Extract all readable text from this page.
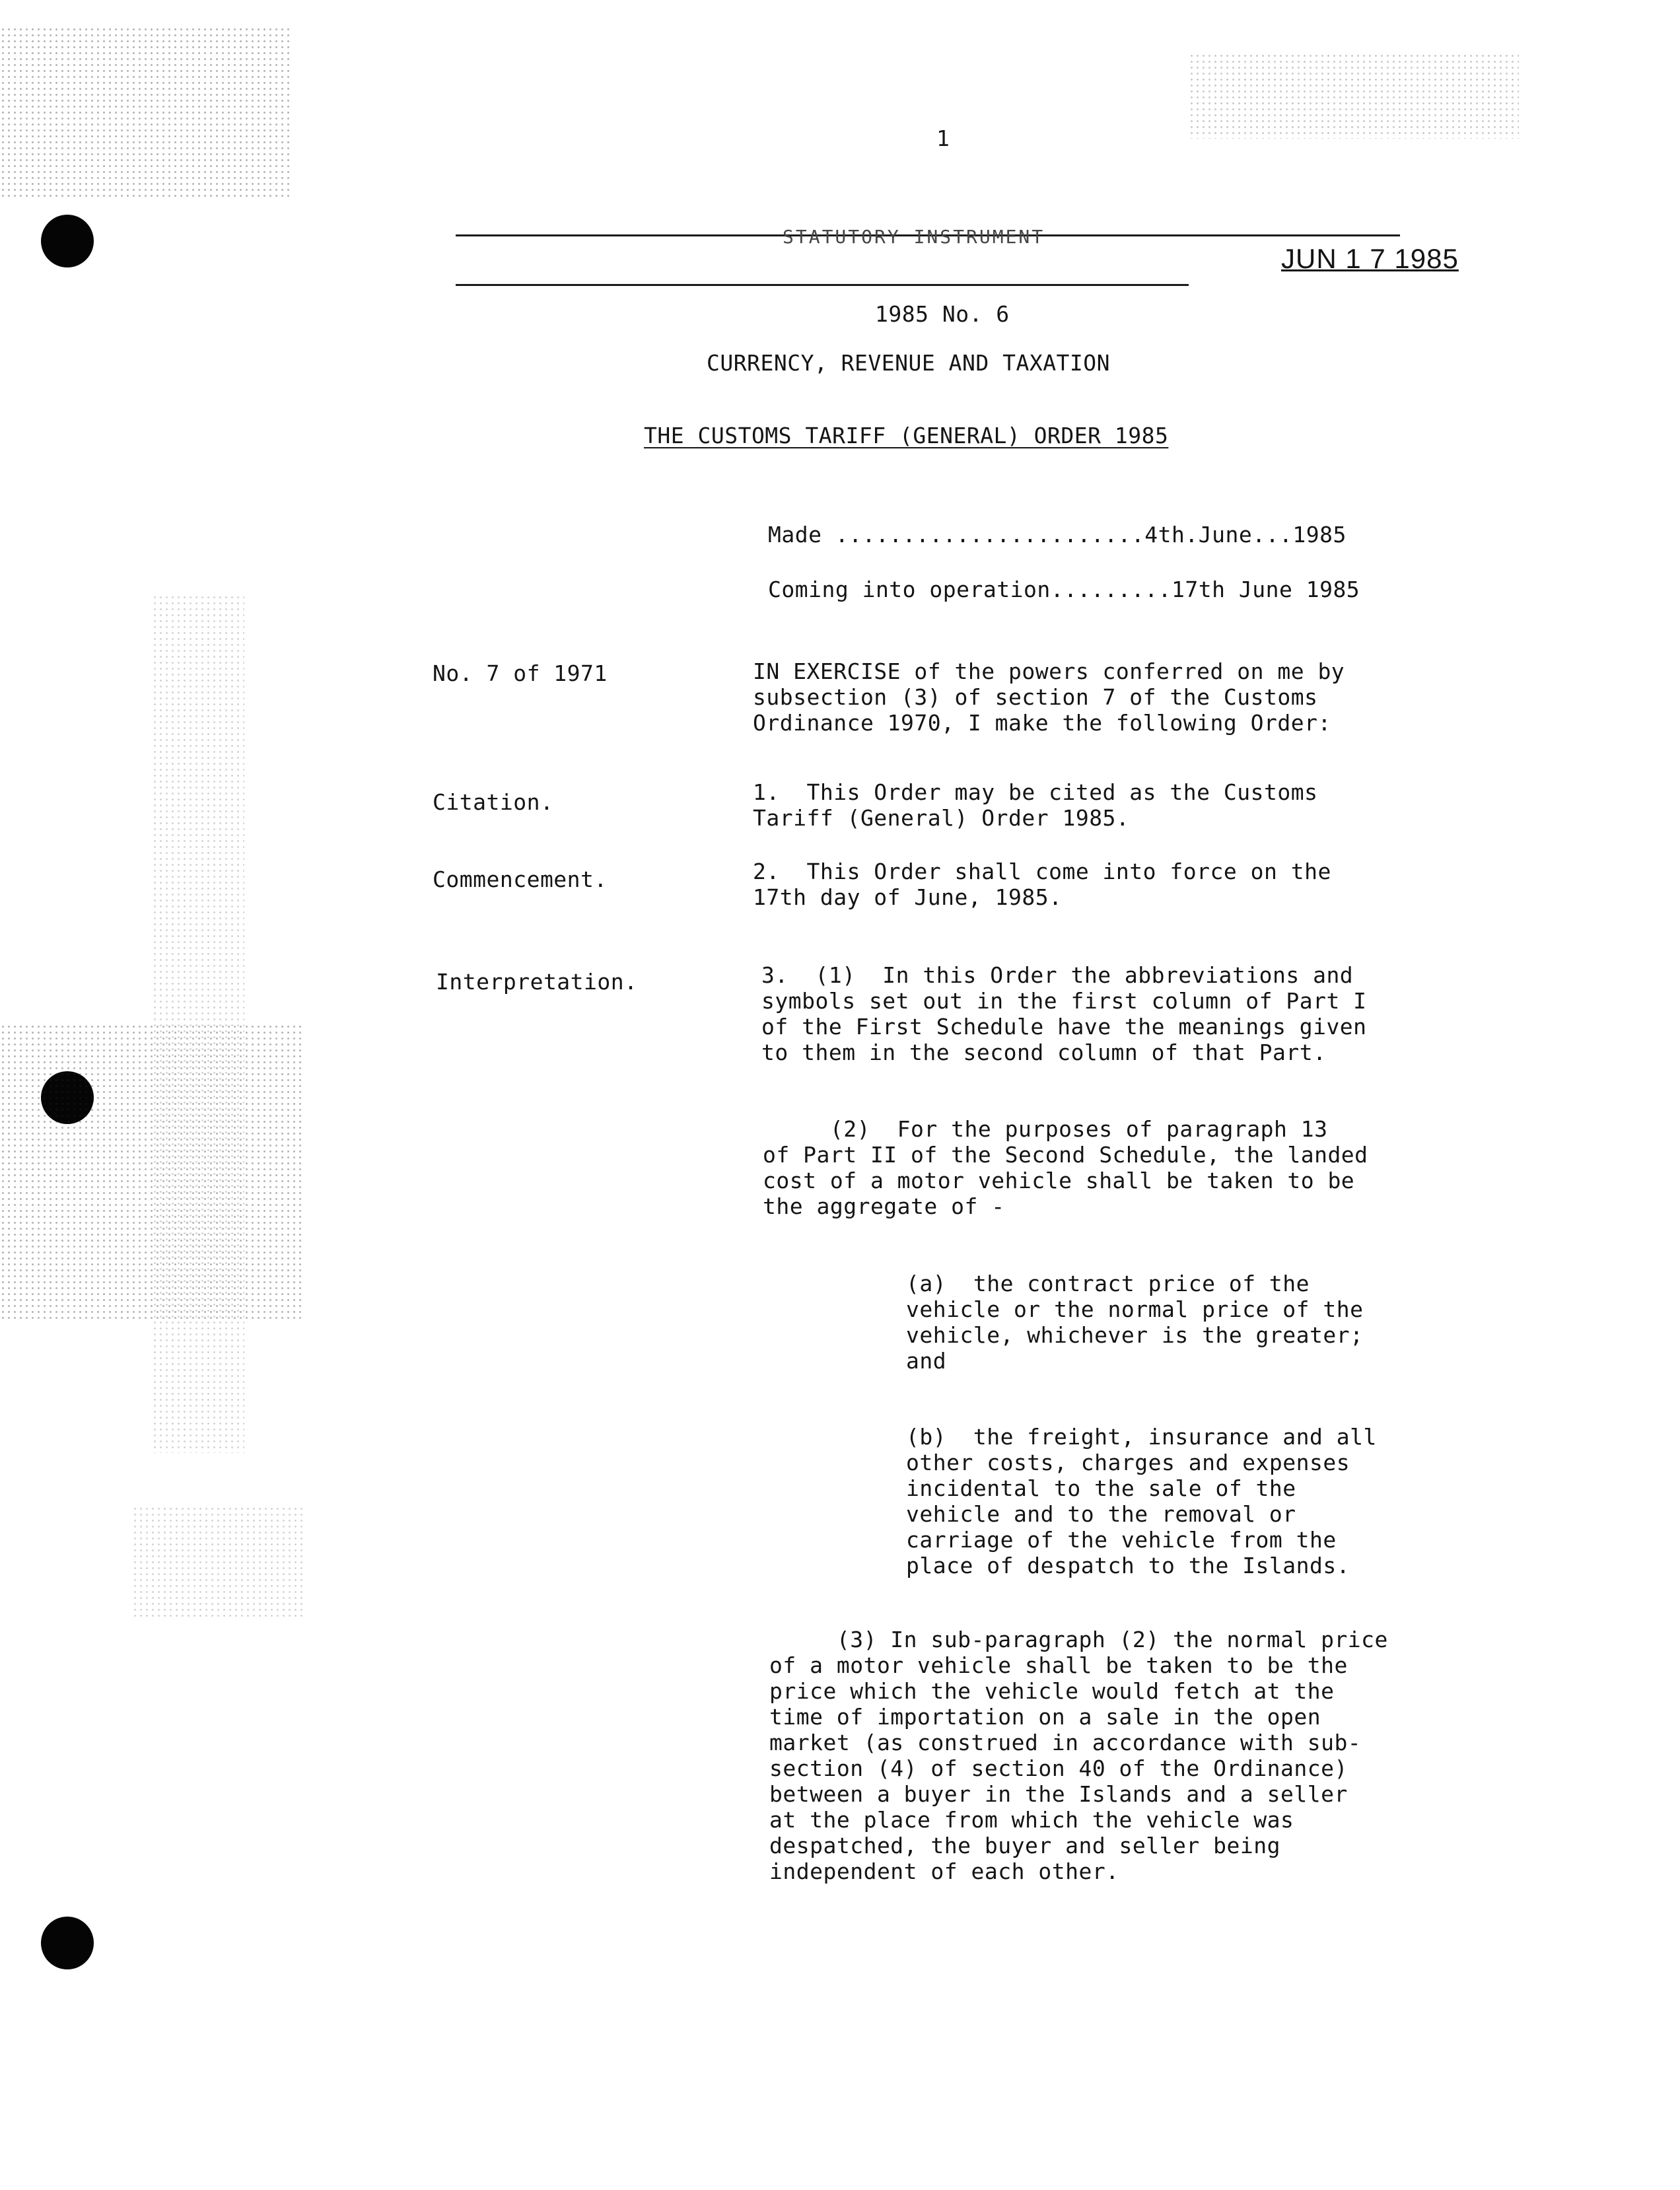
1
STATUTORY INSTRUMENT
JUN 1 7 1985
1985 No. 6
CURRENCY, REVENUE AND TAXATION
THE CUSTOMS TARIFF (GENERAL) ORDER 1985
Made .......................4th.June...1985
Coming into operation.........17th June 1985
No. 7 of 1971
Citation.
Commencement.
Interpretation.
IN EXERCISE of the powers conferred on me by
subsection (3) of section 7 of the Customs
Ordinance 1970, I make the following Order:
1.  This Order may be cited as the Customs
Tariff (General) Order 1985.
2.  This Order shall come into force on the
17th day of June, 1985.
3.  (1)  In this Order the abbreviations and
symbols set out in the first column of Part I
of the First Schedule have the meanings given
to them in the second column of that Part.
(2)  For the purposes of paragraph 13
of Part II of the Second Schedule, the landed
cost of a motor vehicle shall be taken to be
the aggregate of -
(a)  the contract price of the
vehicle or the normal price of the
vehicle, whichever is the greater;
and
(b)  the freight, insurance and all
other costs, charges and expenses
incidental to the sale of the
vehicle and to the removal or
carriage of the vehicle from the
place of despatch to the Islands.
(3) In sub-paragraph (2) the normal price
of a motor vehicle shall be taken to be the
price which the vehicle would fetch at the
time of importation on a sale in the open
market (as construed in accordance with sub-
section (4) of section 40 of the Ordinance)
between a buyer in the Islands and a seller
at the place from which the vehicle was
despatched, the buyer and seller being
independent of each other.
